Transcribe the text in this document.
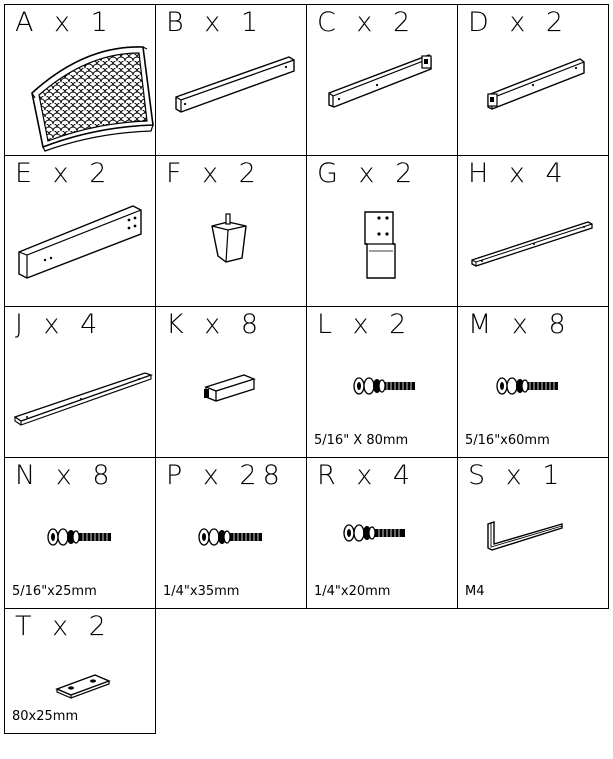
A x 1 B x 1 C x 2 D x 2
E x 2 F x 2 G x 2 H x 4
J x 4 K x 8 L x 2
5/16" X 80mm
M x 8
5/16"x60mm
N x 8
5/16"x25mm
P x 28
1/4"x35mm
R x 4
1/4"x20mm
S x 1
M4
T x 2
80x25mm
